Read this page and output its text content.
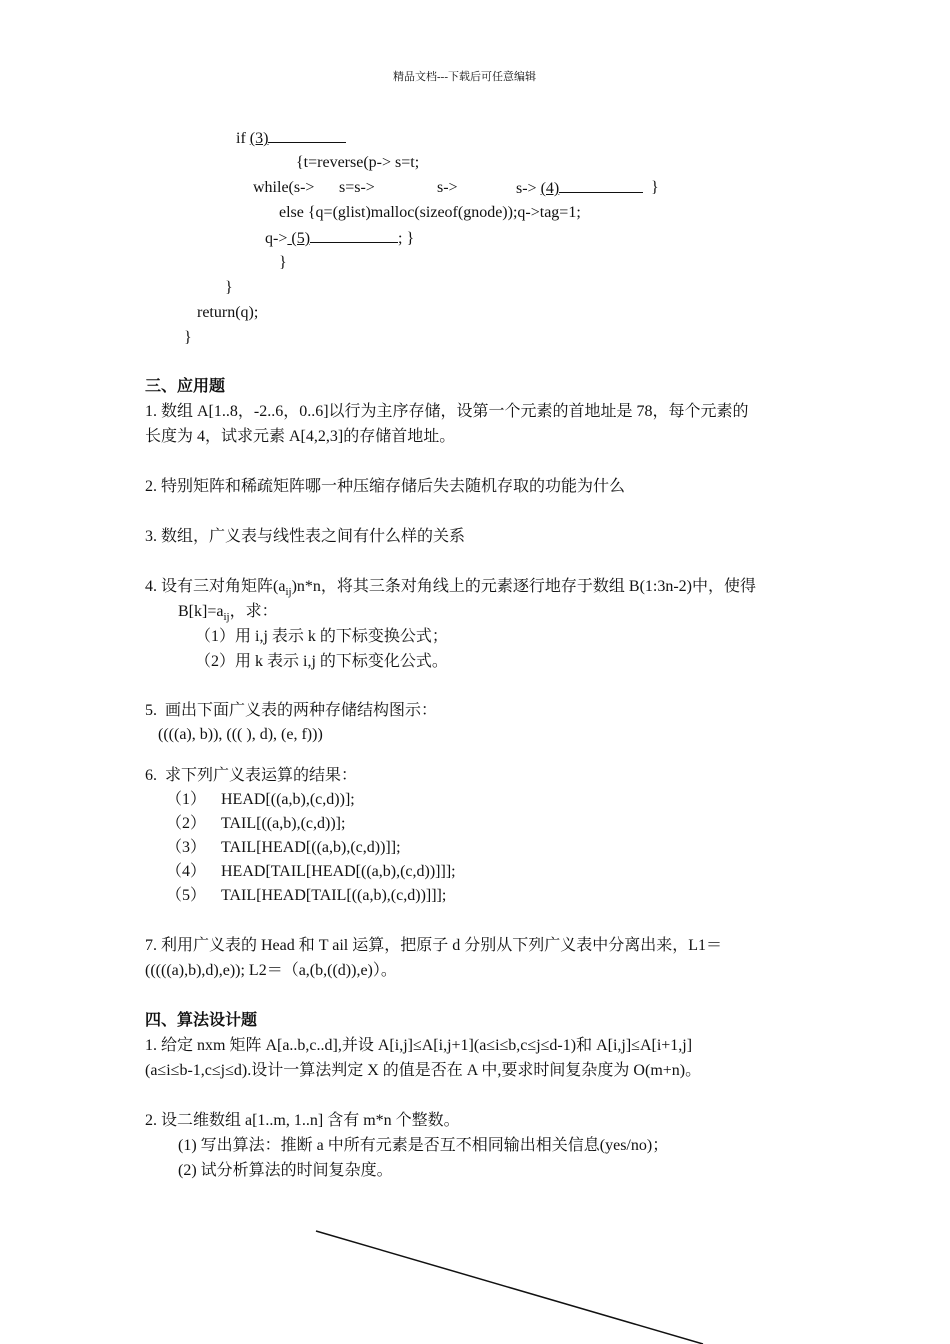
精品文档---下载后可任意编辑
if (3)
{t=reverse(p-> s=t;
while(s-> s=s->	s->	s-> (4)	}
else {q=(glist)malloc(sizeof(gnode));q->tag=1;
q-> (5)	; }
}
}
return(q);
}
三、应用题
1. 数组 A[1..8，-2..6，0..6]以行为主序存储，设第一个元素的首地址是 78，每个元素的
长度为 4，试求元素 A[4,2,3]的存储首地址。
2. 特别矩阵和稀疏矩阵哪一种压缩存储后失去随机存取的功能为什么
3. 数组，广义表与线性表之间有什么样的关系
4. 设有三对角矩阵$(a_{ij})n*n$，将其三条对角线上的元素逐行地存于数组 B(1:3n-2)中，使得
$B[k]=a_{ij}$，求：
（1）用 i,j 表示 k 的下标变换公式；
（2）用 k 表示 i,j 的下标变化公式。
5.  画出下面广义表的两种存储结构图示：
((((a), b)), ((( ), d), (e, f)))
6.  求下列广义表运算的结果：
（1） HEAD[((a,b),(c,d))];
（2） TAIL[((a,b),(c,d))];
（3） TAIL[HEAD[((a,b),(c,d))]];
（4） HEAD[TAIL[HEAD[((a,b),(c,d))]]];
（5） TAIL[HEAD[TAIL[((a,b),(c,d))]]];
7. 利用广义表的 Head 和 T ail 运算，把原子 d 分别从下列广义表中分离出来，L1＝
(((((a),b),d),e)); L2＝（a,(b,((d)),e)）。
四、算法设计题
1. 给定 nxm 矩阵 A[a..b,c..d],并设 A[i,j]≤A[i,j+1](a≤i≤b,c≤j≤d-1)和 A[i,j]≤A[i+1,j]
(a≤i≤b-1,c≤j≤d).设计一算法判定 X 的值是否在 A 中,要求时间复杂度为 O(m+n)。
2. 设二维数组 a[1..m, 1..n] 含有 m*n 个整数。
(1) 写出算法：推断 a 中所有元素是否互不相同输出相关信息(yes/no)；
(2) 试分析算法的时间复杂度。
